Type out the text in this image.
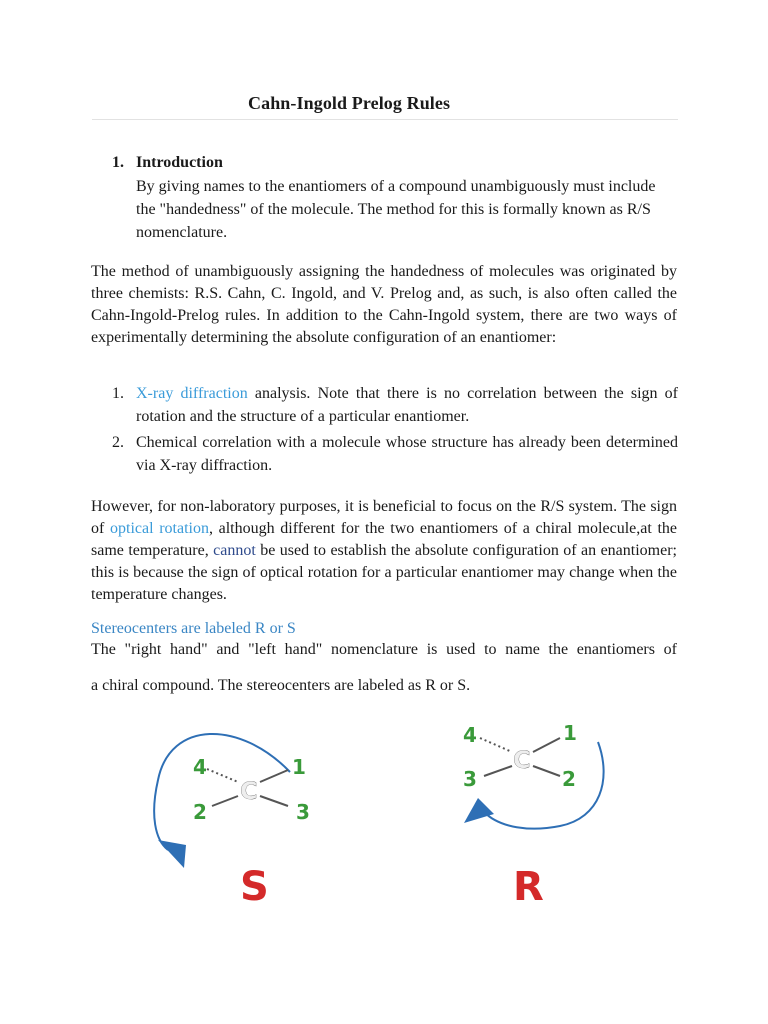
Cahn-Ingold Prelog Rules
1. Introduction
By giving names to the enantiomers of a compound unambiguously must include the "handedness" of the molecule. The method for this is formally known as R/S nomenclature.
The method of unambiguously assigning the handedness of molecules was originated by three chemists: R.S. Cahn, C. Ingold, and V. Prelog and, as such, is also often called the Cahn-Ingold-Prelog rules. In addition to the Cahn-Ingold system, there are two ways of experimentally determining the absolute configuration of an enantiomer:
1. X-ray diffraction analysis. Note that there is no correlation between the sign of rotation and the structure of a particular enantiomer.
2. Chemical correlation with a molecule whose structure has already been determined via X-ray diffraction.
However, for non-laboratory purposes, it is beneficial to focus on the R/S system. The sign of optical rotation, although different for the two enantiomers of a chiral molecule,at the same temperature, cannot be used to establish the absolute configuration of an enantiomer; this is because the sign of optical rotation for a particular enantiomer may change when the temperature changes.
Stereocenters are labeled R or S
The "right hand" and "left hand" nomenclature is used to name the enantiomers of
a chiral compound. The stereocenters are labeled as R or S.
C
4	1
2	3
S
C
4	1
3	2
R
